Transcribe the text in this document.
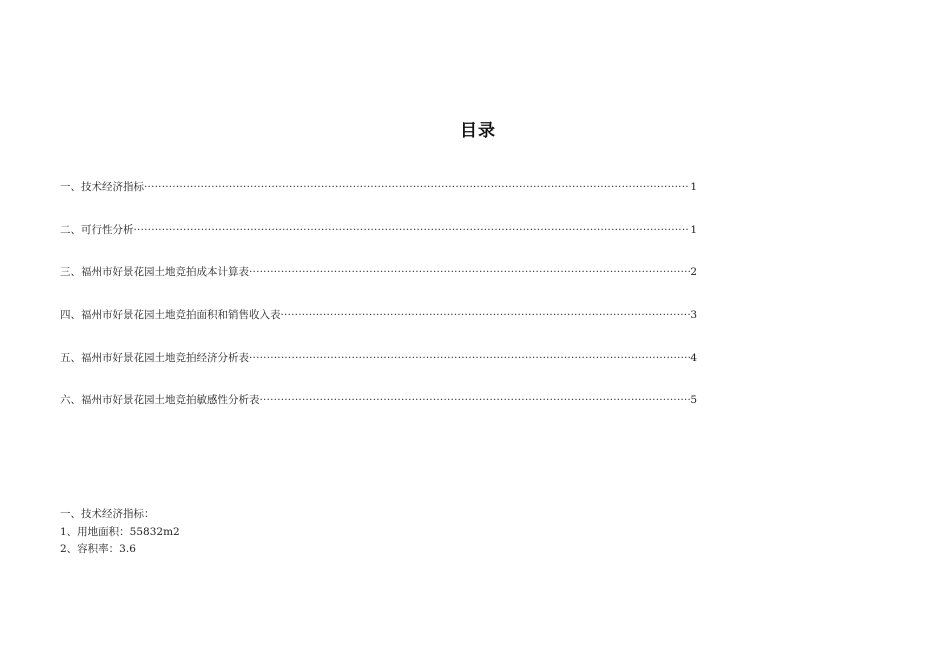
目录
一、技术经济指标 ·····	1
二、可行性分析 ·····	1
三、福州市好景花园土地竞拍成本计算表 ·····	2
四、福州市好景花园土地竞拍面积和销售收入表 ·····	3
五、福州市好景花园土地竞拍经济分析表 ·····	4
六、福州市好景花园土地竞拍敏感性分析表 ·····	5
一、技术经济指标：
1、用地面积：55832m2
2、容积率：3.6
